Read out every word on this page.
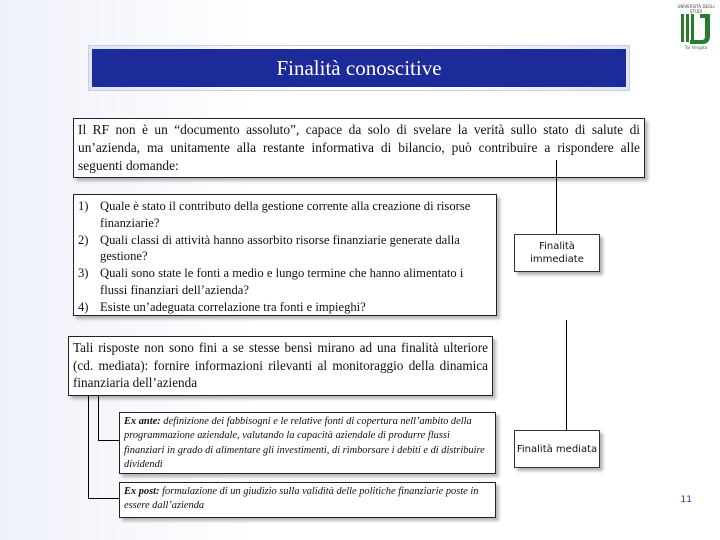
UNIVERSITÀ DEGLI STUDI
Tor Vergata
Finalità conoscitive
Il RF non è un “documento assoluto”, capace da solo di svelare la verità sullo stato di salute di un’azienda, ma unitamente alla restante informativa di bilancio, può contribuire a rispondere alle seguenti domande:
1) Quale è stato il contributo della gestione corrente alla creazione di risorse finanziarie?
2) Quali classi di attività hanno assorbito risorse finanziarie generate dalla gestione?
3) Quali sono state le fonti a medio e lungo termine che hanno alimentato i flussi finanziari dell’azienda?
4) Esiste un’adeguata correlazione tra fonti e impieghi?
Finalità immediate
Tali risposte non sono fini a se stesse bensì mirano ad una finalità ulteriore (cd. mediata): fornire informazioni rilevanti al monitoraggio della dinamica finanziaria dell’azienda
Ex ante: definizione dei fabbisogni e le relative fonti di copertura nell’ambito della programmazione aziendale, valutando la capacità aziendale di produrre flussi finanziari in grado di alimentare gli investimenti, di rimborsare i debiti e di distribuire dividendi
Finalità mediata
Ex post: formulazione di un giudizio sulla validità delle politiche finanziarie poste in essere dall’azienda
11
